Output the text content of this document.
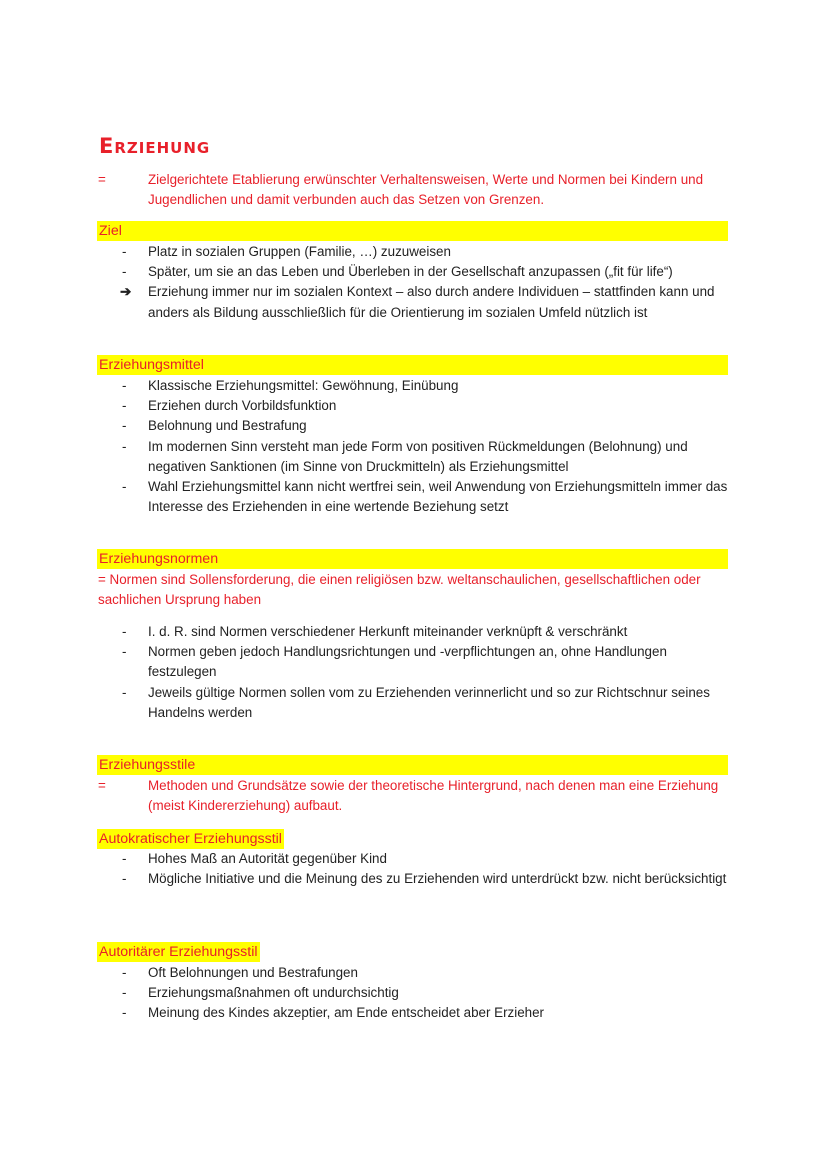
Erziehung
=	Zielgerichtete Etablierung erwünschter Verhaltensweisen, Werte und Normen bei Kindern und Jugendlichen und damit verbunden auch das Setzen von Grenzen.
Ziel
-	Platz in sozialen Gruppen (Familie, …) zuzuweisen
-	Später, um sie an das Leben und Überleben in der Gesellschaft anzupassen („fit für life“)
➔ Erziehung immer nur im sozialen Kontext – also durch andere Individuen – stattfinden kann und anders als Bildung ausschließlich für die Orientierung im sozialen Umfeld nützlich ist
Erziehungsmittel
-	Klassische Erziehungsmittel: Gewöhnung, Einübung
-	Erziehen durch Vorbildsfunktion
-	Belohnung und Bestrafung
-	Im modernen Sinn versteht man jede Form von positiven Rückmeldungen (Belohnung) und negativen Sanktionen (im Sinne von Druckmitteln) als Erziehungsmittel
-	Wahl Erziehungsmittel kann nicht wertfrei sein, weil Anwendung von Erziehungsmitteln immer das Interesse des Erziehenden in eine wertende Beziehung setzt
Erziehungsnormen
= Normen sind Sollensforderung, die einen religiösen bzw. weltanschaulichen, gesellschaftlichen oder sachlichen Ursprung haben
-	I. d. R. sind Normen verschiedener Herkunft miteinander verknüpft & verschränkt
-	Normen geben jedoch Handlungsrichtungen und -verpflichtungen an, ohne Handlungen festzulegen
-	Jeweils gültige Normen sollen vom zu Erziehenden verinnerlicht und so zur Richtschnur seines Handelns werden
Erziehungsstile
=	Methoden und Grundsätze sowie der theoretische Hintergrund, nach denen man eine Erziehung (meist Kindererziehung) aufbaut.
Autokratischer Erziehungsstil
-	Hohes Maß an Autorität gegenüber Kind
-	Mögliche Initiative und die Meinung des zu Erziehenden wird unterdrückt bzw. nicht berücksichtigt
Autoritärer Erziehungsstil
-	Oft Belohnungen und Bestrafungen
-	Erziehungsmaßnahmen oft undurchsichtig
-	Meinung des Kindes akzeptier, am Ende entscheidet aber Erzieher
